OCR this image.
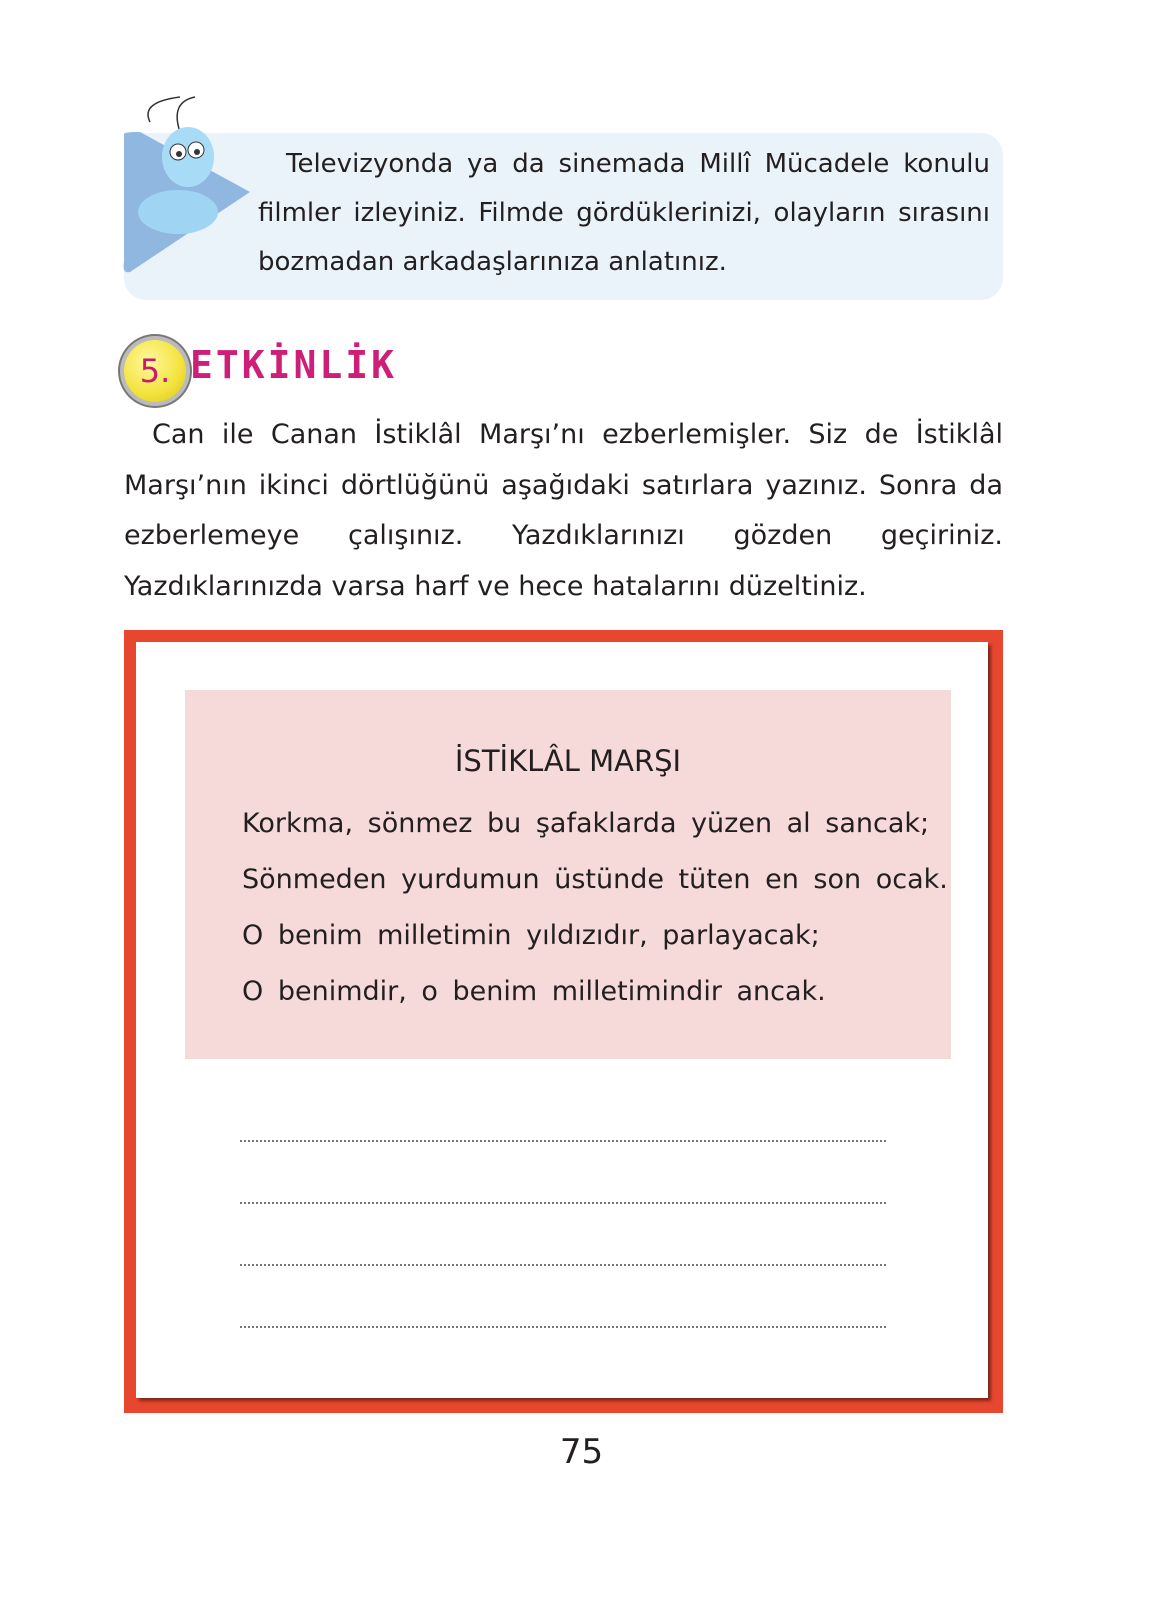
Televizyonda ya da sinemada Millî Mücadele konulu filmler izleyiniz. Filmde gördüklerinizi, olayların sırasını bozmadan arkadaşlarınıza anlatınız.
5. ETKİNLİK
Can ile Canan İstiklâl Marşı’nı ezberlemişler. Siz de İstiklâl Marşı’nın ikinci dörtlüğünü aşağıdaki satırlara yazınız. Sonra da ezberlemeye çalışınız. Yazdıklarınızı gözden geçiriniz. Yazdıklarınızda varsa harf ve hece hatalarını düzeltiniz.
İSTİKLÂL MARŞI
Korkma, sönmez bu şafaklarda yüzen al sancak;
Sönmeden yurdumun üstünde tüten en son ocak.
O benim milletimin yıldızıdır, parlayacak;
O benimdir, o benim milletimindir ancak.
75
